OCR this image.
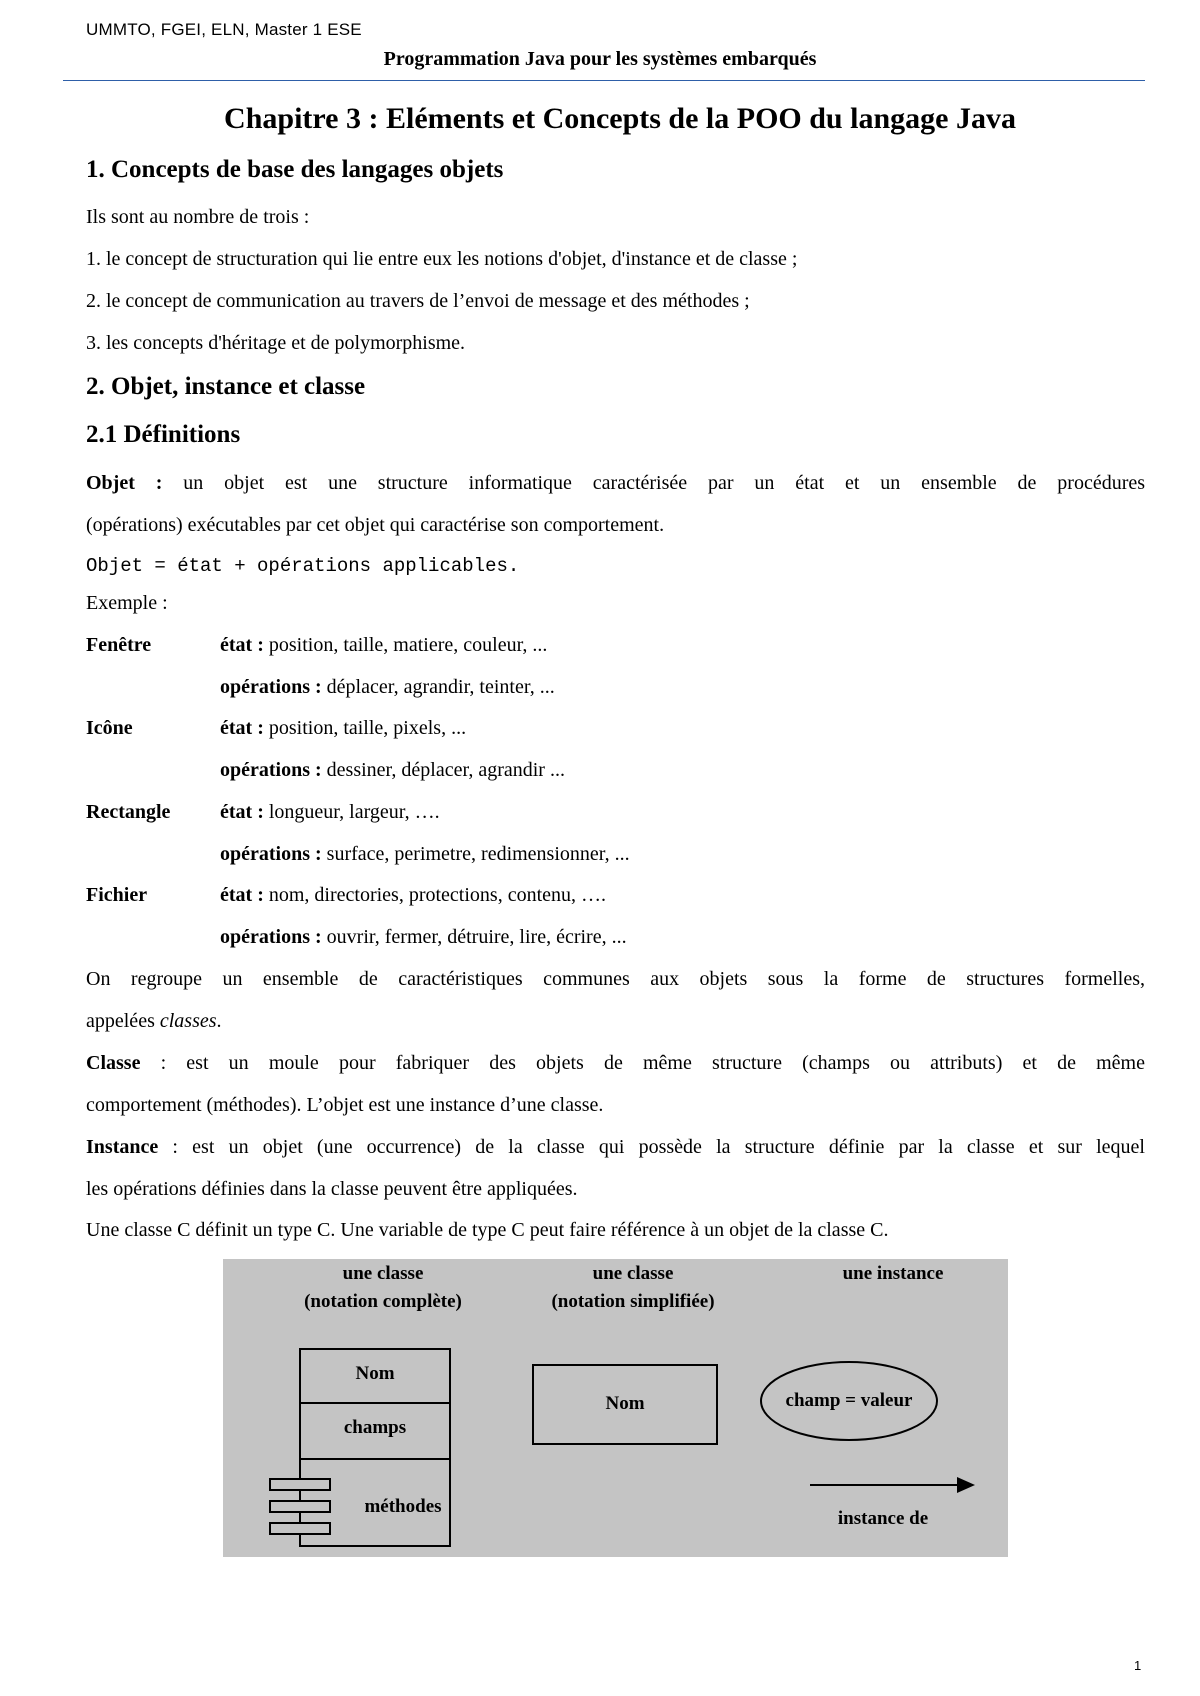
UMMTO, FGEI, ELN, Master 1 ESE
Programmation Java pour les systèmes embarqués
Chapitre 3 : Eléments et Concepts de la POO du langage Java
1. Concepts de base des langages objets
Ils sont au nombre de trois :
1. le concept de structuration qui lie entre eux les notions d'objet, d'instance et de classe ;
2. le concept de communication au travers de l’envoi de message et des méthodes ;
3. les concepts d'héritage et de polymorphisme.
2. Objet, instance et classe
2.1 Définitions
Objet : un objet est une structure informatique caractérisée par un état et un ensemble de procédures
(opérations) exécutables par cet objet qui caractérise son comportement.
Objet = état + opérations applicables.
Exemple :
Fenêtre	état : position, taille, matiere, couleur, ...
opérations : déplacer, agrandir, teinter, ...
Icône	état : position, taille, pixels, ...
opérations : dessiner, déplacer, agrandir ...
Rectangle état : longueur, largeur, ….
opérations : surface, perimetre, redimensionner, ...
Fichier	état : nom, directories, protections, contenu, ….
opérations : ouvrir, fermer, détruire, lire, écrire, ...
On regroupe un ensemble de caractéristiques communes aux objets sous la forme de structures formelles,
appelées classes.
Classe : est un moule pour fabriquer des objets de même structure (champs ou attributs) et de même
comportement (méthodes). L’objet est une instance d’une classe.
Instance : est un objet (une occurrence) de la classe qui possède la structure définie par la classe et sur lequel
les opérations définies dans la classe peuvent être appliquées.
Une classe C définit un type C. Une variable de type C peut faire référence à un objet de la classe C.
une classe
(notation complète)
une classe
(notation simplifiée)
une instance
Nom
champs
méthodes
Nom	champ = valeur
instance de
1
